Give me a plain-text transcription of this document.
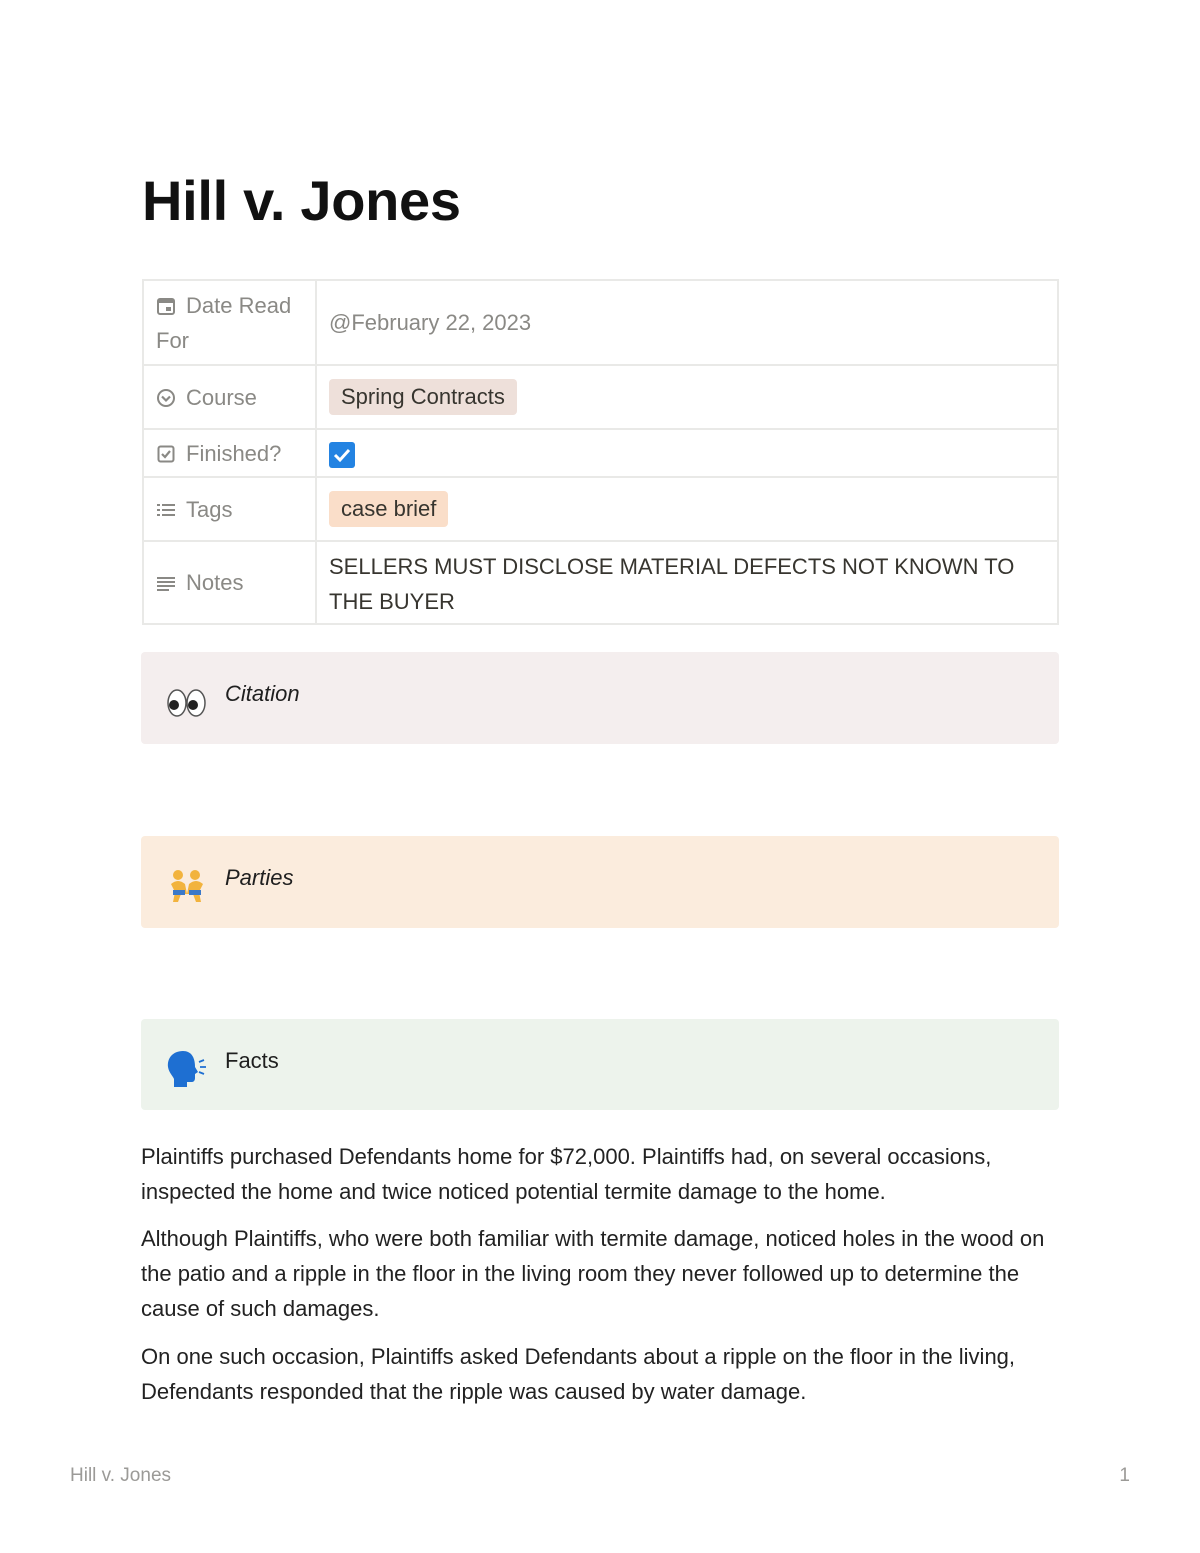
Hill v. Jones
Date Read For	@February 22, 2023
Course	Spring Contracts
Finished?	

Tags	case brief
Notes	SELLERS MUST DISCLOSE MATERIAL DEFECTS NOT KNOWN TO THE BUYER
Citation
Parties
Facts

Plaintiffs purchased Defendants home for $72,000. Plaintiffs had, on several occasions, inspected the home and twice noticed potential termite damage to the home.

Although Plaintiffs, who were both familiar with termite damage, noticed holes in the wood on the patio and a ripple in the floor in the living room they never followed up to determine the cause of such damages.

On one such occasion, Plaintiffs asked Defendants about a ripple on the floor in the living, Defendants responded that the ripple was caused by water damage.

Hill v. Jones	1
